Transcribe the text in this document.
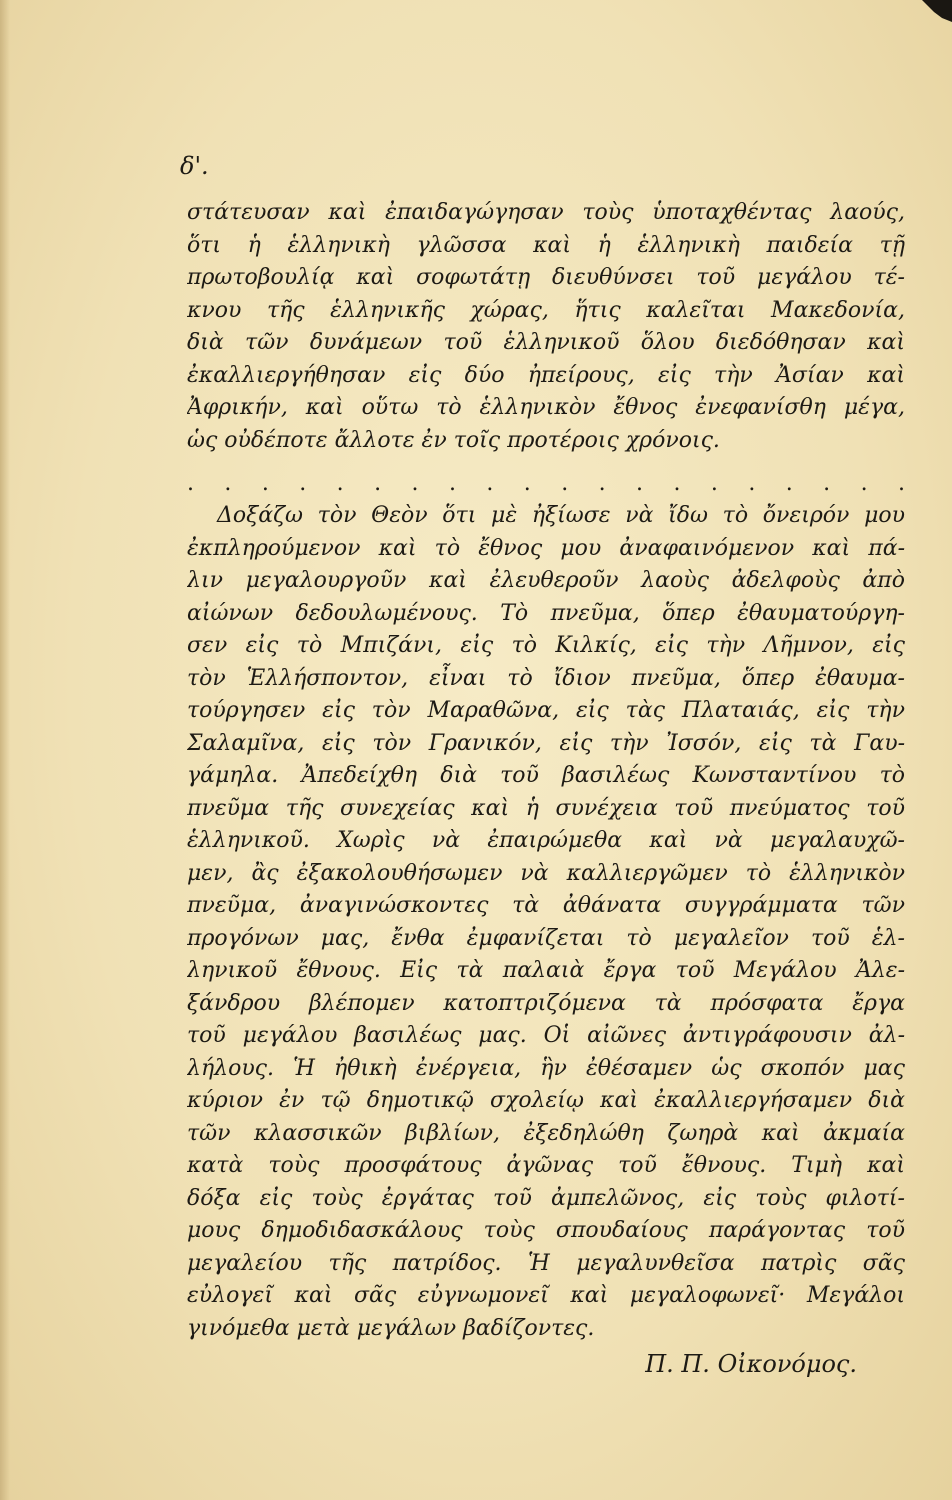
δ'.
στάτευσαν καὶ ἐπαιδαγώγησαν τοὺς ὑποταχθέντας λαούς,
ὅτι ἡ ἑλληνικὴ γλῶσσα καὶ ἡ ἑλληνικὴ παιδεία τῇ
πρωτοβουλίᾳ καὶ σοφωτάτῃ διευθύνσει τοῦ μεγάλου τέ-
κνου τῆς ἑλληνικῆς χώρας, ἥτις καλεῖται Μακεδονία,
διὰ τῶν δυνάμεων τοῦ ἑλληνικοῦ ὅλου διεδόθησαν καὶ
ἐκαλλιεργήθησαν εἰς δύο ἠπείρους, εἰς τὴν Ἀσίαν καὶ
Ἀφρικήν, καὶ οὕτω τὸ ἑλληνικὸν ἔθνος ἐνεφανίσθη μέγα,
ὡς οὐδέποτε ἄλλοτε ἐν τοῖς προτέροις χρόνοις.
. . . . . . . . . . . . . . . . . . . .
Δοξάζω τὸν Θεὸν ὅτι μὲ ἠξίωσε νὰ ἴδω τὸ ὄνειρόν μου
ἐκπληρούμενον καὶ τὸ ἔθνος μου ἀναφαινόμενον καὶ πά-
λιν μεγαλουργοῦν καὶ ἐλευθεροῦν λαοὺς ἀδελφοὺς ἀπὸ
αἰώνων δεδουλωμένους. Τὸ πνεῦμα, ὅπερ ἐθαυματούργη-
σεν εἰς τὸ Μπιζάνι, εἰς τὸ Κιλκίς, εἰς τὴν Λῆμνον, εἰς
τὸν Ἑλλήσποντον, εἶναι τὸ ἴδιον πνεῦμα, ὅπερ ἐθαυμα-
τούργησεν εἰς τὸν Μαραθῶνα, εἰς τὰς Πλαταιάς, εἰς τὴν
Σαλαμῖνα, εἰς τὸν Γρανικόν, εἰς τὴν Ἰσσόν, εἰς τὰ Γαυ-
γάμηλα. Ἀπεδείχθη διὰ τοῦ βασιλέως Κωνσταντίνου τὸ
πνεῦμα τῆς συνεχείας καὶ ἡ συνέχεια τοῦ πνεύματος τοῦ
ἑλληνικοῦ. Χωρὶς νὰ ἐπαιρώμεθα καὶ νὰ μεγαλαυχῶ-
μεν, ἂς ἐξακολουθήσωμεν νὰ καλλιεργῶμεν τὸ ἑλληνικὸν
πνεῦμα, ἀναγινώσκοντες τὰ ἀθάνατα συγγράμματα τῶν
προγόνων μας, ἔνθα ἐμφανίζεται τὸ μεγαλεῖον τοῦ ἑλ-
ληνικοῦ ἔθνους. Εἰς τὰ παλαιὰ ἔργα τοῦ Μεγάλου Ἀλε-
ξάνδρου βλέπομεν κατοπτριζόμενα τὰ πρόσφατα ἔργα
τοῦ μεγάλου βασιλέως μας. Οἱ αἰῶνες ἀντιγράφουσιν ἀλ-
λήλους. Ἡ ἠθικὴ ἐνέργεια, ἣν ἐθέσαμεν ὡς σκοπόν μας
κύριον ἐν τῷ δημοτικῷ σχολείῳ καὶ ἐκαλλιεργήσαμεν διὰ
τῶν κλασσικῶν βιβλίων, ἐξεδηλώθη ζωηρὰ καὶ ἀκμαία
κατὰ τοὺς προσφάτους ἀγῶνας τοῦ ἔθνους. Τιμὴ καὶ
δόξα εἰς τοὺς ἐργάτας τοῦ ἀμπελῶνος, εἰς τοὺς φιλοτί-
μους δημοδιδασκάλους τοὺς σπουδαίους παράγοντας τοῦ
μεγαλείου τῆς πατρίδος. Ἡ μεγαλυνθεῖσα πατρὶς σᾶς
εὐλογεῖ καὶ σᾶς εὐγνωμονεῖ καὶ μεγαλοφωνεῖ· Μεγάλοι
γινόμεθα μετὰ μεγάλων βαδίζοντες.
Π. Π. Οἰκονόμος.
